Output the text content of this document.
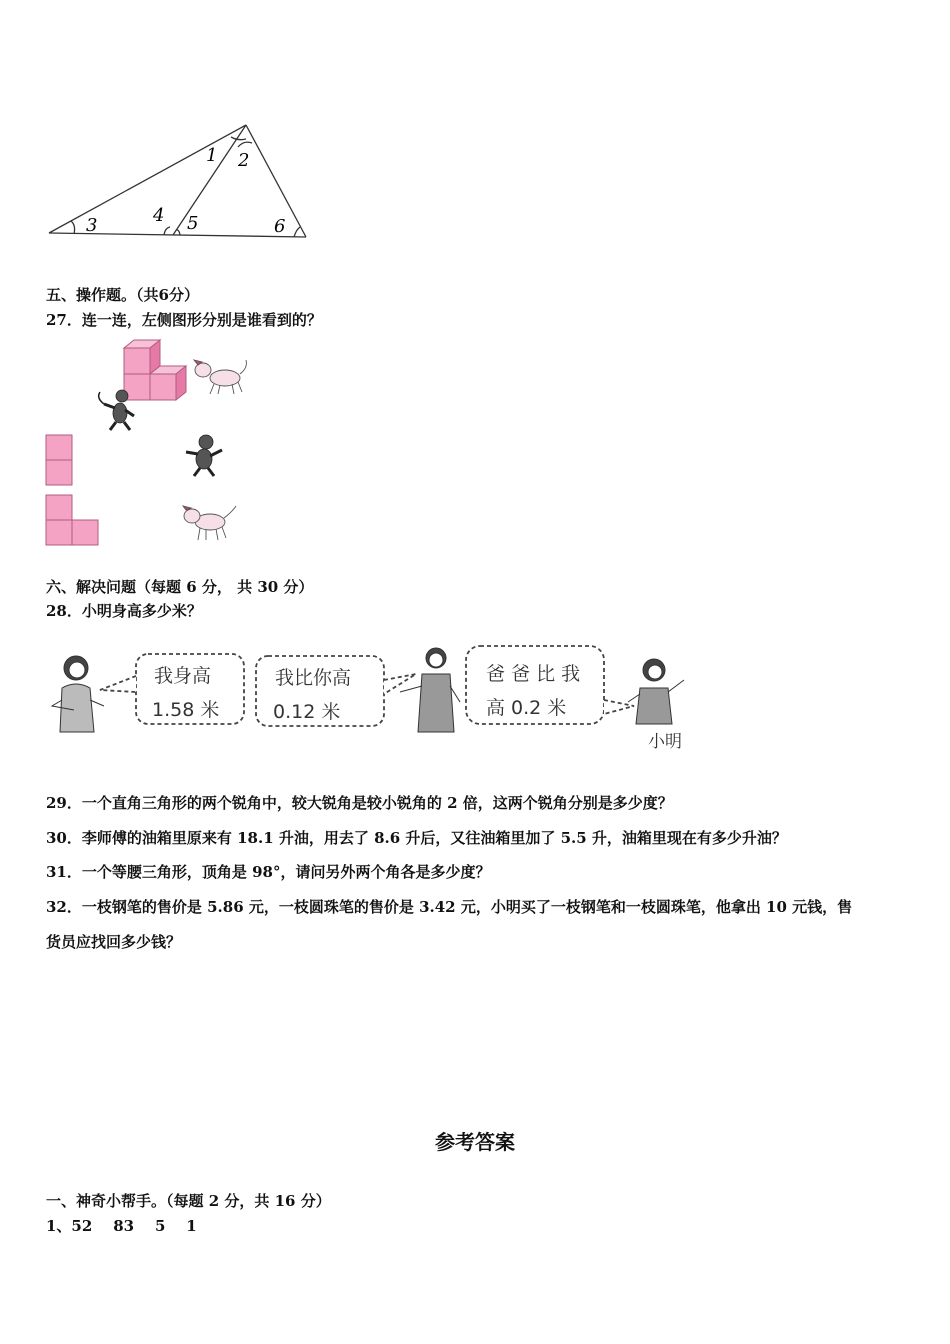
1 2
3	4 5	6
五、操作题。（共6分）
27．连一连，左侧图形分别是谁看到的？
六、解决问题（每题 6 分， 共 30 分）
28．小明身高多少米？
我身高
1.58 米
我比你高
0.12 米
爸 爸 比 我
高 0.2 米
小明
29．一个直角三角形的两个锐角中，较大锐角是较小锐角的 2 倍，这两个锐角分别是多少度？
30．李师傅的油箱里原来有 18.1 升油，用去了 8.6 升后，又往油箱里加了 5.5 升，油箱里现在有多少升油？
31．一个等腰三角形，顶角是 98°，请问另外两个角各是多少度？
32．一枝钢笔的售价是 5.86 元，一枝圆珠笔的售价是 3.42 元，小明买了一枝钢笔和一枝圆珠笔，他拿出 10 元钱，售
货员应找回多少钱？
参考答案
一、神奇小帮手。（每题 2 分，共 16 分）
1、52    83    5    1
